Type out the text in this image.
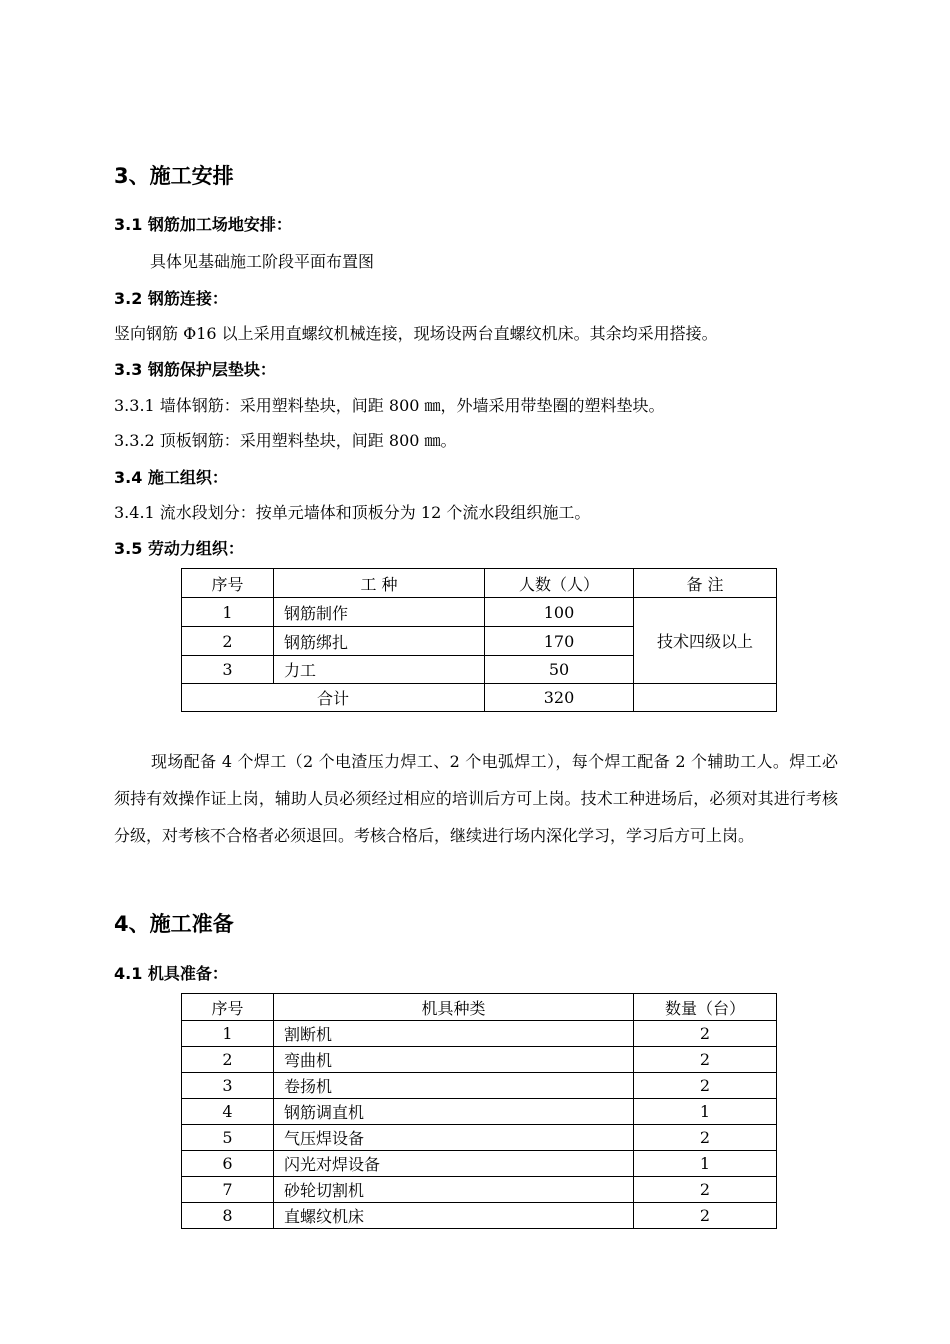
3、施工安排
3.1 钢筋加工场地安排：
具体见基础施工阶段平面布置图
3.2 钢筋连接：
竖向钢筋 Φ16 以上采用直螺纹机械连接，现场设两台直螺纹机床。其余均采用搭接。
3.3 钢筋保护层垫块：
3.3.1 墙体钢筋：采用塑料垫块，间距 800 ㎜，外墙采用带垫圈的塑料垫块。
3.3.2 顶板钢筋：采用塑料垫块，间距 800 ㎜。
3.4 施工组织：
3.4.1 流水段划分：按单元墙体和顶板分为 12 个流水段组织施工。
3.5 劳动力组织：
序号	工 种	人数（人）	备 注
1	钢筋制作	100	技术四级以上
2	钢筋绑扎	170	
3	力工	50	
合计		320	
现场配备 4 个焊工（2 个电渣压力焊工、2 个电弧焊工），每个焊工配备 2 个辅助工人。焊工必须持有效操作证上岗，辅助人员必须经过相应的培训后方可上岗。技术工种进场后，必须对其进行考核分级，对考核不合格者必须退回。考核合格后，继续进行场内深化学习，学习后方可上岗。
4、施工准备
4.1 机具准备：
序号	机具种类	数量（台）
1	割断机	2
2	弯曲机	2
3	卷扬机	2
4	钢筋调直机	1
5	气压焊设备	2
6	闪光对焊设备	1
7	砂轮切割机	2
8	直螺纹机床	2
